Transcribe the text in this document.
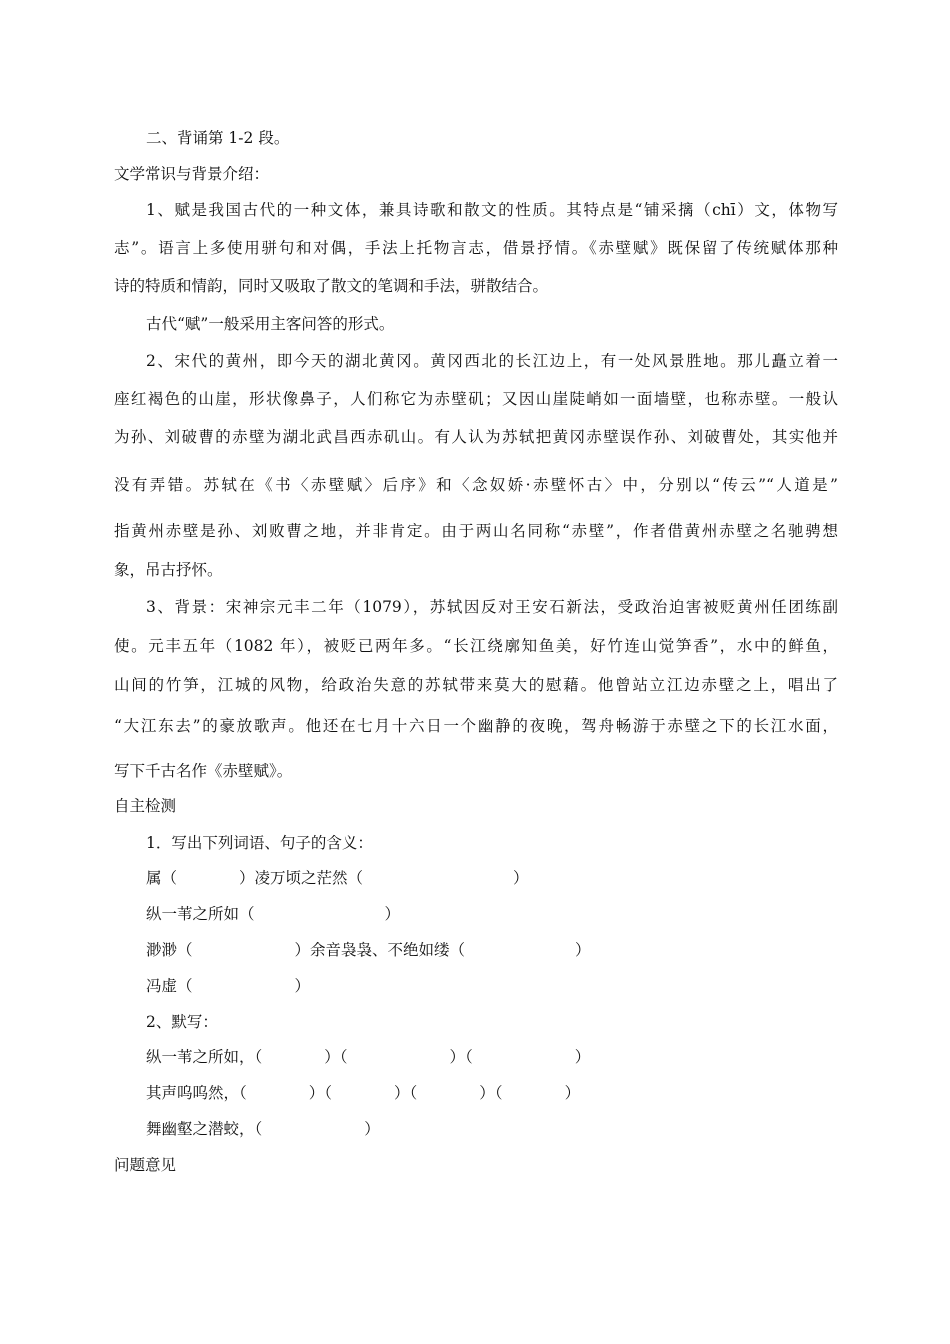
二、背诵第 1-2 段。
文学常识与背景介绍：
1、赋是我国古代的一种文体，兼具诗歌和散文的性质。其特点是“铺采摛（chī）文，体物写
志”。语言上多使用骈句和对偶，手法上托物言志，借景抒情。《赤壁赋》既保留了传统赋体那种
诗的特质和情韵，同时又吸取了散文的笔调和手法，骈散结合。
古代“赋”一般采用主客问答的形式。
2、宋代的黄州，即今天的湖北黄冈。黄冈西北的长江边上，有一处风景胜地。那儿矗立着一
座红褐色的山崖，形状像鼻子，人们称它为赤壁矶；又因山崖陡峭如一面墙壁，也称赤壁。一般认
为孙、刘破曹的赤壁为湖北武昌西赤矶山。有人认为苏轼把黄冈赤壁误作孙、刘破曹处，其实他并
没有弄错。苏轼在《书〈赤壁赋〉后序》和〈念奴娇·赤壁怀古〉中，分别以“传云”“人道是”
指黄州赤壁是孙、刘败曹之地，并非肯定。由于两山名同称“赤壁”，作者借黄州赤壁之名驰骋想
象，吊古抒怀。
3、背景：宋神宗元丰二年（1079），苏轼因反对王安石新法，受政治迫害被贬黄州任团练副
使。元丰五年（1082 年），被贬已两年多。“长江绕廓知鱼美，好竹连山觉笋香”，水中的鲜鱼，
山间的竹笋，江城的风物，给政治失意的苏轼带来莫大的慰藉。他曾站立江边赤壁之上，唱出了
“大江东去”的豪放歌声。他还在七月十六日一个幽静的夜晚，驾舟畅游于赤壁之下的长江水面，
写下千古名作《赤壁赋》。
自主检测
1．写出下列词语、句子的含义：
属（	）凌万顷之茫然（	）
纵一苇之所如（	）
渺渺（	）余音袅袅、不绝如缕（	）
冯虚（	）
2、默写：
纵一苇之所如，（	）（	）（	）
其声呜呜然，（	）（	）（	）（	）
舞幽壑之潜蛟，（	）
问题意见
